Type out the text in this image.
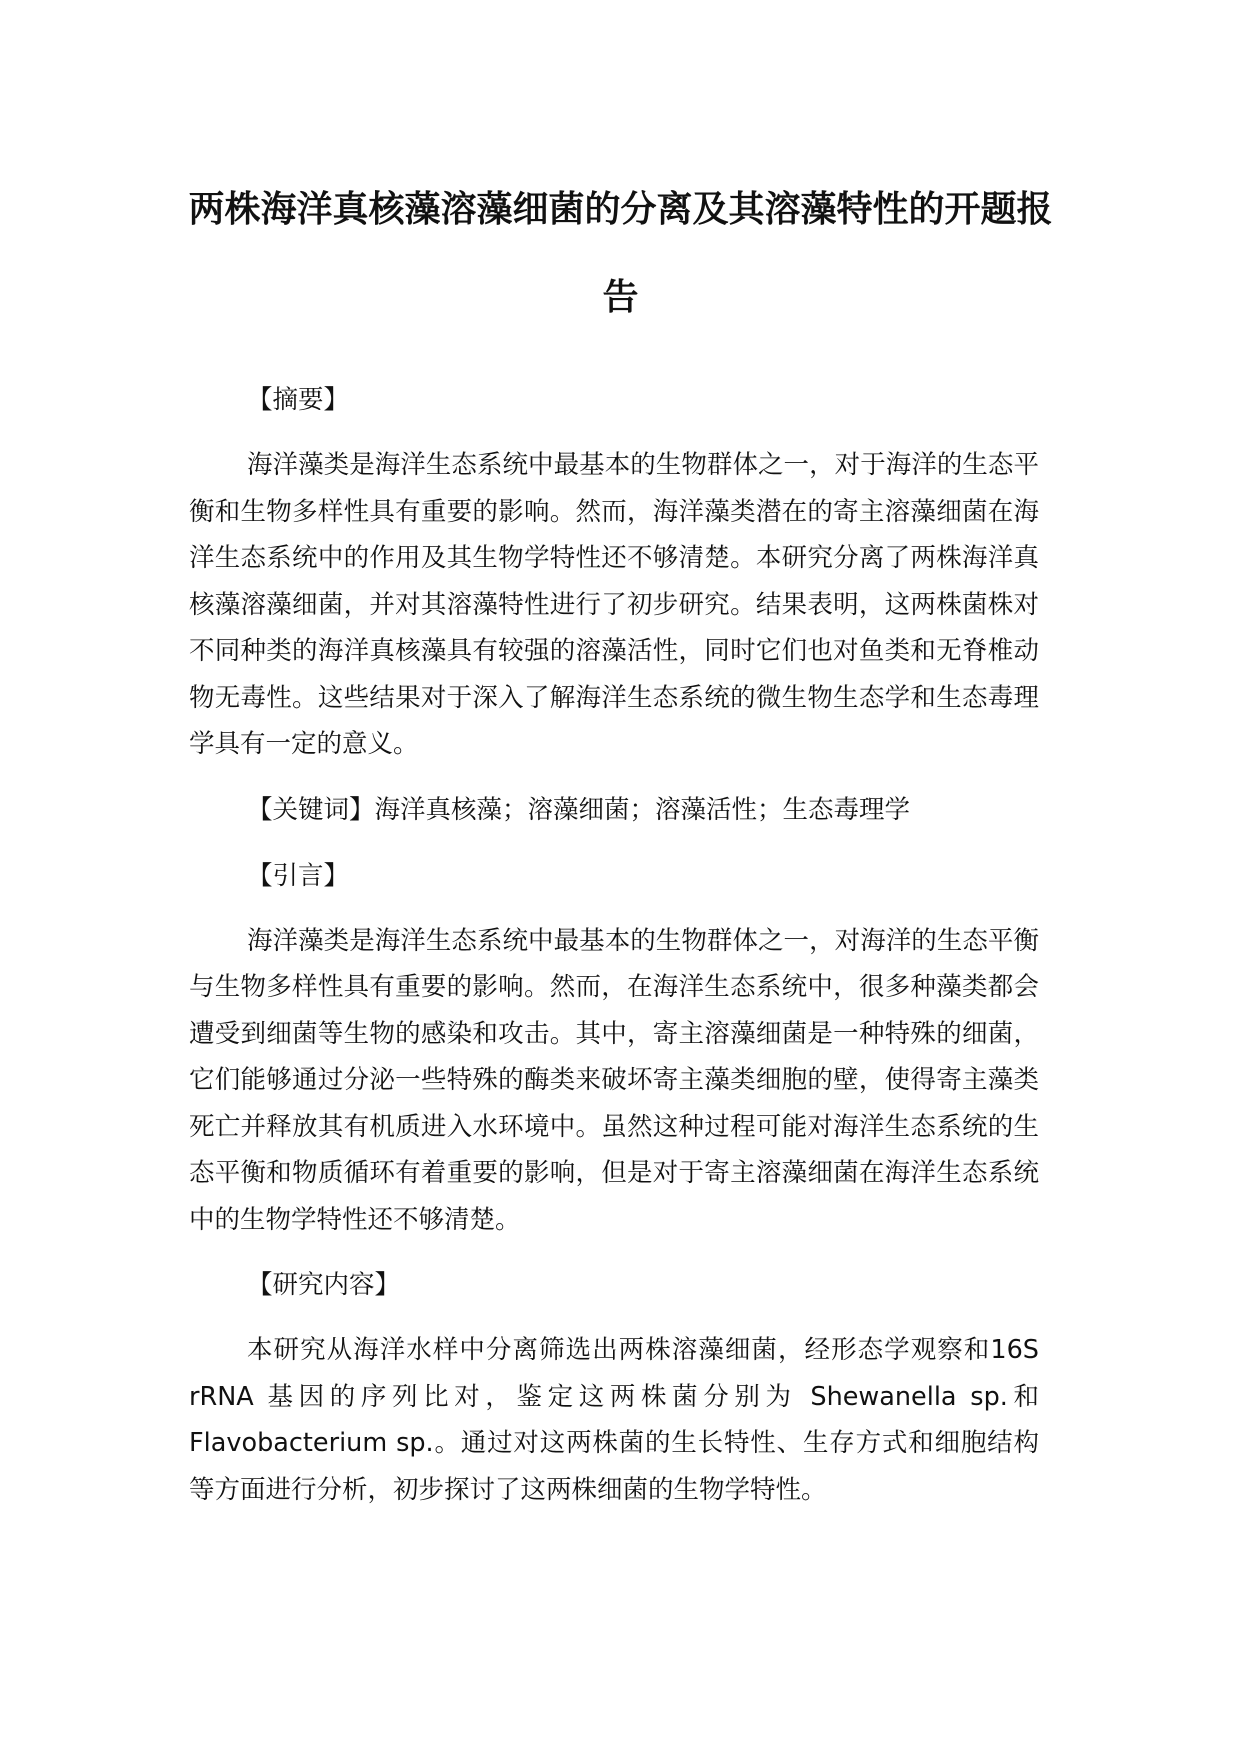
两株海洋真核藻溶藻细菌的分离及其溶藻特性的开题报告

【摘要】

海洋藻类是海洋生态系统中最基本的生物群体之一，对于海洋的生态平衡和生物多样性具有重要的影响。然而，海洋藻类潜在的寄主溶藻细菌在海洋生态系统中的作用及其生物学特性还不够清楚。本研究分离了两株海洋真核藻溶藻细菌，并对其溶藻特性进行了初步研究。结果表明，这两株菌株对不同种类的海洋真核藻具有较强的溶藻活性，同时它们也对鱼类和无脊椎动物无毒性。这些结果对于深入了解海洋生态系统的微生物生态学和生态毒理学具有一定的意义。

【关键词】海洋真核藻；溶藻细菌；溶藻活性；生态毒理学

【引言】

海洋藻类是海洋生态系统中最基本的生物群体之一，对海洋的生态平衡与生物多样性具有重要的影响。然而，在海洋生态系统中，很多种藻类都会遭受到细菌等生物的感染和攻击。其中，寄主溶藻细菌是一种特殊的细菌，它们能够通过分泌一些特殊的酶类来破坏寄主藻类细胞的壁，使得寄主藻类死亡并释放其有机质进入水环境中。虽然这种过程可能对海洋生态系统的生态平衡和物质循环有着重要的影响，但是对于寄主溶藻细菌在海洋生态系统中的生物学特性还不够清楚。

【研究内容】

本研究从海洋水样中分离筛选出两株溶藻细菌，经形态学观察和16S rRNA 基因的序列比对，鉴定这两株菌分别为 Shewanella sp.和Flavobacterium sp.。通过对这两株菌的生长特性、生存方式和细胞结构等方面进行分析，初步探讨了这两株细菌的生物学特性。
